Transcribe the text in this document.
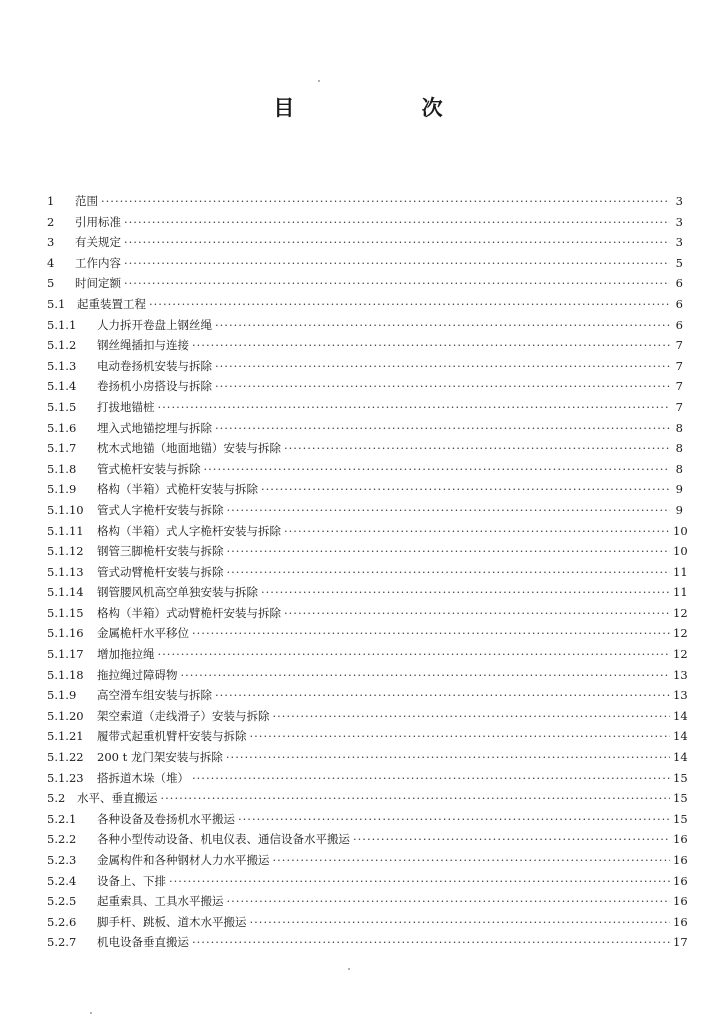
目 次
1	范围 ·····	3
2	引用标准 ·····	3
3	有关规定 ·····	3
4	工作内容 ·····	5
5	时间定额 ·····	6
5.1	起重装置工程 ·····	6
5.1.1	人力拆开卷盘上钢丝绳 ·····	6
5.1.2	钢丝绳插扣与连接 ·····	7
5.1.3	电动卷扬机安装与拆除 ·····	7
5.1.4	卷扬机小房搭设与拆除 ·····	7
5.1.5	打拔地锚桩 ·····	7
5.1.6	埋入式地锚挖埋与拆除 ·····	8
5.1.7	枕木式地锚（地面地锚）安装与拆除 ·····	8
5.1.8	管式桅杆安装与拆除 ·····	8
5.1.9	格构（半箱）式桅杆安装与拆除 ·····	9
5.1.10	管式人字桅杆安装与拆除 ·····	9
5.1.11	格构（半箱）式人字桅杆安装与拆除 ·····	10
5.1.12	钢管三脚桅杆安装与拆除 ·····	10
5.1.13	管式动臂桅杆安装与拆除 ·····	11
5.1.14	钢管腰风机高空单独安装与拆除 ·····	11
5.1.15	格构（半箱）式动臂桅杆安装与拆除 ·····	12
5.1.16	金属桅杆水平移位 ·····	12
5.1.17	增加拖拉绳 ·····	12
5.1.18	拖拉绳过障碍物 ·····	13
5.1.9	高空滑车组安装与拆除 ·····	13
5.1.20	架空索道（走线滑子）安装与拆除 ·····	14
5.1.21	履带式起重机臂杆安装与拆除 ·····	14
5.1.22	200 t 龙门架安装与拆除 ·····	14
5.1.23	搭拆道木垛（堆） ·····	15
5.2	水平、垂直搬运 ·····	15
5.2.1	各种设备及卷扬机水平搬运 ·····	15
5.2.2	各种小型传动设备、机电仪表、通信设备水平搬运 ·····	16
5.2.3	金属构件和各种钢材人力水平搬运 ·····	16
5.2.4	设备上、下排 ·····	16
5.2.5	起重索具、工具水平搬运 ·····	16
5.2.6	脚手杆、跳板、道木水平搬运 ·····	16
5.2.7	机电设备垂直搬运 ·····	17
